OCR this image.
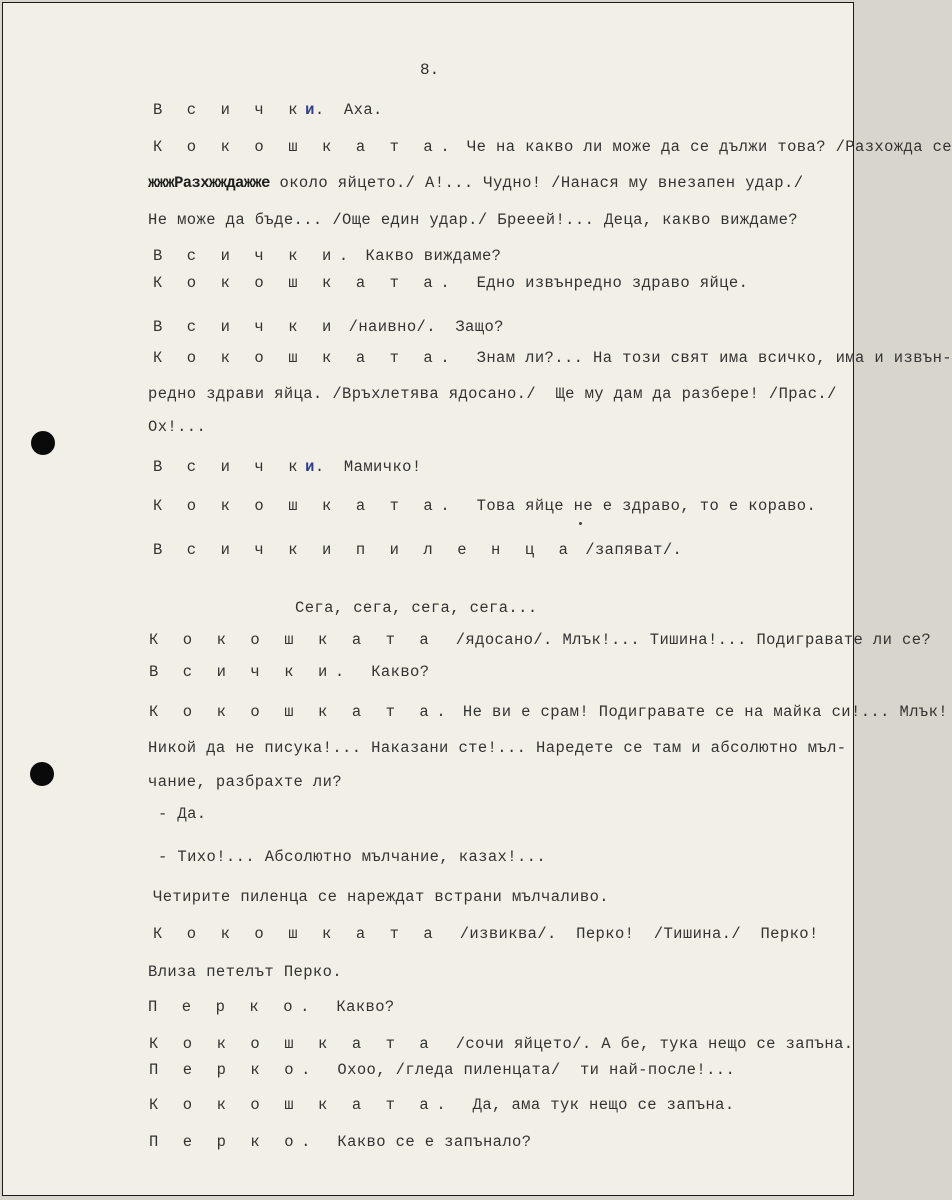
8.
В с и ч ки.  Аха.
К о к о ш к а т а. Че на какво ли може да се дължи това? /Разхожда се
жжжРазхжждажже около яйцето./ А!... Чудно! /Нанася му внезапен удар./
Не може да бъде... /Още един удар./ Брееей!... Деца, какво виждаме?
В с и ч к и. Какво виждаме?
К о к о ш к а т а.  Едно извънредно здраво яйце.
В с и ч к и /наивно/.  Защо?
К о к о ш к а т а.  Знам ли?... На този свят има всичко, има и извън-
редно здрави яйца. /Връхлетява ядосано./  Ще му дам да разбере! /Прас./
Ох!...
В с и ч ки.  Мамичко!
К о к о ш к а т а.  Това яйце не е здраво, то е кораво.
В с и ч к и п и л е н ц а /запяват/.
Сега, сега, сега, сега...
К о к о ш к а т а  /ядосано/. Млък!... Тишина!... Подигравате ли се?
В с и ч к и.  Какво?
К о к о ш к а т а. Не ви е срам! Подигравате се на майка си!... Млък!
Никой да не писука!... Наказани сте!... Наредете се там и абсолютно мъл-
чание, разбрахте ли?
- Да.
- Тихо!... Абсолютно мълчание, казах!...
Четирите пиленца се нареждат встрани мълчаливо.
К о к о ш к а т а  /извиква/.  Перко!  /Тишина./  Перко!
Влиза петелът Перко.
П е р к о.  Какво?
К о к о ш к а т а  /сочи яйцето/. А бе, тука нещо се запъна.
П е р к о.  Охоо, /гледа пиленцата/  ти най-после!...
К о к о ш к а т а.  Да, ама тук нещо се запъна.
П е р к о.  Какво се е запънало?
